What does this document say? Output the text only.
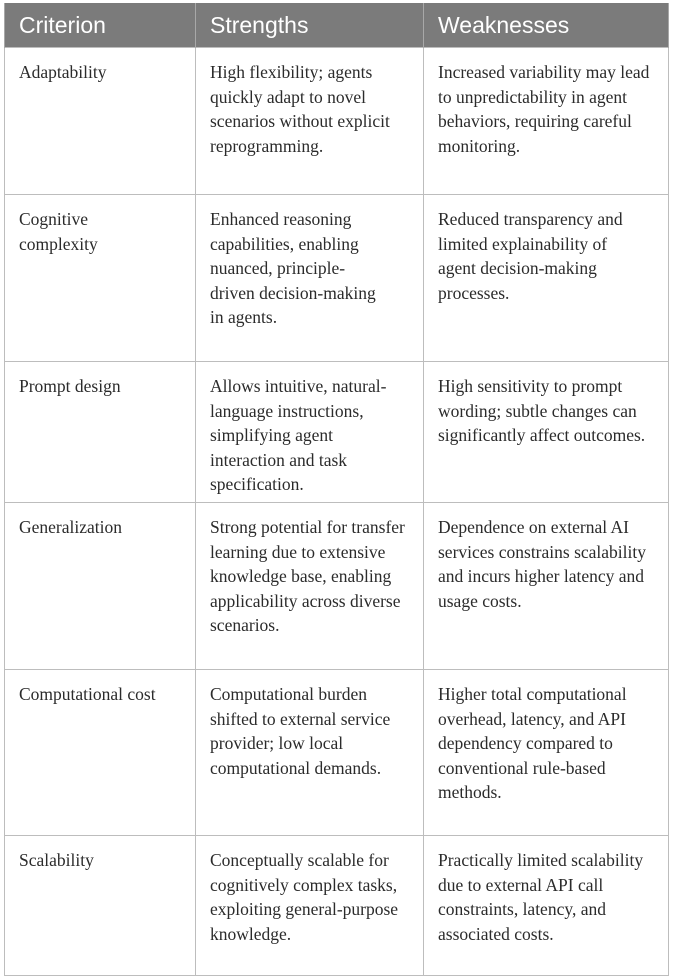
Criterion	Strengths	Weaknesses
Adaptability	High flexibility; agents quickly adapt to novel scenarios without explicit reprogramming.	Increased variability may lead to unpredictability in agent behaviors, requiring careful monitoring.
Cognitive complexity	Enhanced reasoning capabilities, enabling nuanced, principle-driven decision-making in agents.	Reduced transparency and limited explainability of agent decision-making processes.
Prompt design	Allows intuitive, natural-language instructions, simplifying agent interaction and task specification.	High sensitivity to prompt wording; subtle changes can significantly affect outcomes.
Generalization	Strong potential for transfer learning due to extensive knowledge base, enabling applicability across diverse scenarios.	Dependence on external AI services constrains scalability and incurs higher latency and usage costs.
Computational cost	Computational burden shifted to external service provider; low local computational demands.	Higher total computational overhead, latency, and API dependency compared to conventional rule-based methods.
Scalability	Conceptually scalable for cognitively complex tasks, exploiting general-purpose knowledge.	Practically limited scalability due to external API call constraints, latency, and associated costs.
